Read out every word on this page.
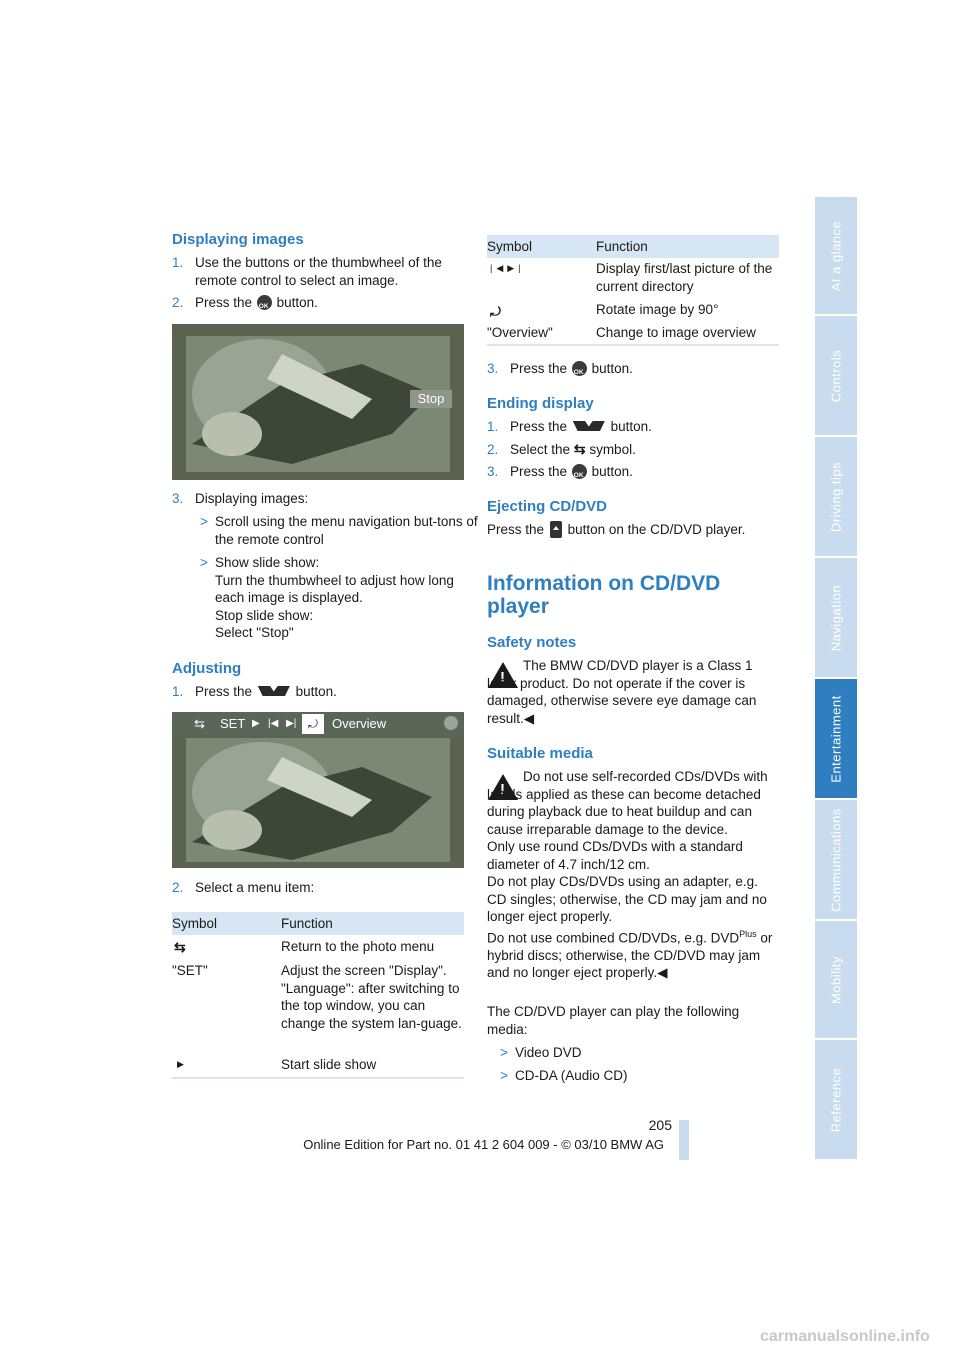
At a glance
Controls
Driving tips
Navigation
Entertainment
Communications
Mobility
Reference
Displaying images
1. Use the buttons or the thumbwheel of the remote control to select an image.
2. Press the OK button.
Stop
3. Displaying images:
> Scroll using the menu navigation but-tons of the remote control
> Show slide show:
Turn the thumbwheel to adjust how long each image is displayed.
Stop slide show:
Select "Stop"
Adjusting
1. Press the	button.
⇆ SET ▶ |◀ ▶| ⤾	Overview
2. Select a menu item:
Symbol	Function
⇆	Return to the photo menu
"SET"	Adjust the screen "Display". "Language": after switching to the top window, you can change the system lan-guage.
▶	Start slide show
Symbol	Function
|◀▶|	Display first/last picture of the current directory
⤾	Rotate image by 90°
"Overview"	Change to image overview
3. Press the OK button.
Ending display
1. Press the	button.
2. Select the ⇆ symbol.
3. Press the OK button.
Ejecting CD/DVD
Press the button on the CD/DVD player.
Information on CD/DVD player
Safety notes
!
The BMW CD/DVD player is a Class 1 laser product. Do not operate if the cover is damaged, otherwise severe eye damage can result.◀
Suitable media
!
Do not use self-recorded CDs/DVDs with labels applied as these can become detached during playback due to heat buildup and can cause irreparable damage to the device.
Only use round CDs/DVDs with a standard diameter of 4.7 inch/12 cm.
Do not play CDs/DVDs using an adapter, e.g. CD singles; otherwise, the CD may jam and no longer eject properly.
Do not use combined CD/DVDs, e.g. $DVD^{Plus}$ or hybrid discs; otherwise, the CD/DVD may jam and no longer eject properly.◀
The CD/DVD player can play the following media:
> Video DVD
> CD-DA (Audio CD)
205
Online Edition for Part no. 01 41 2 604 009 - © 03/10 BMW AG
carmanualsonline.info
